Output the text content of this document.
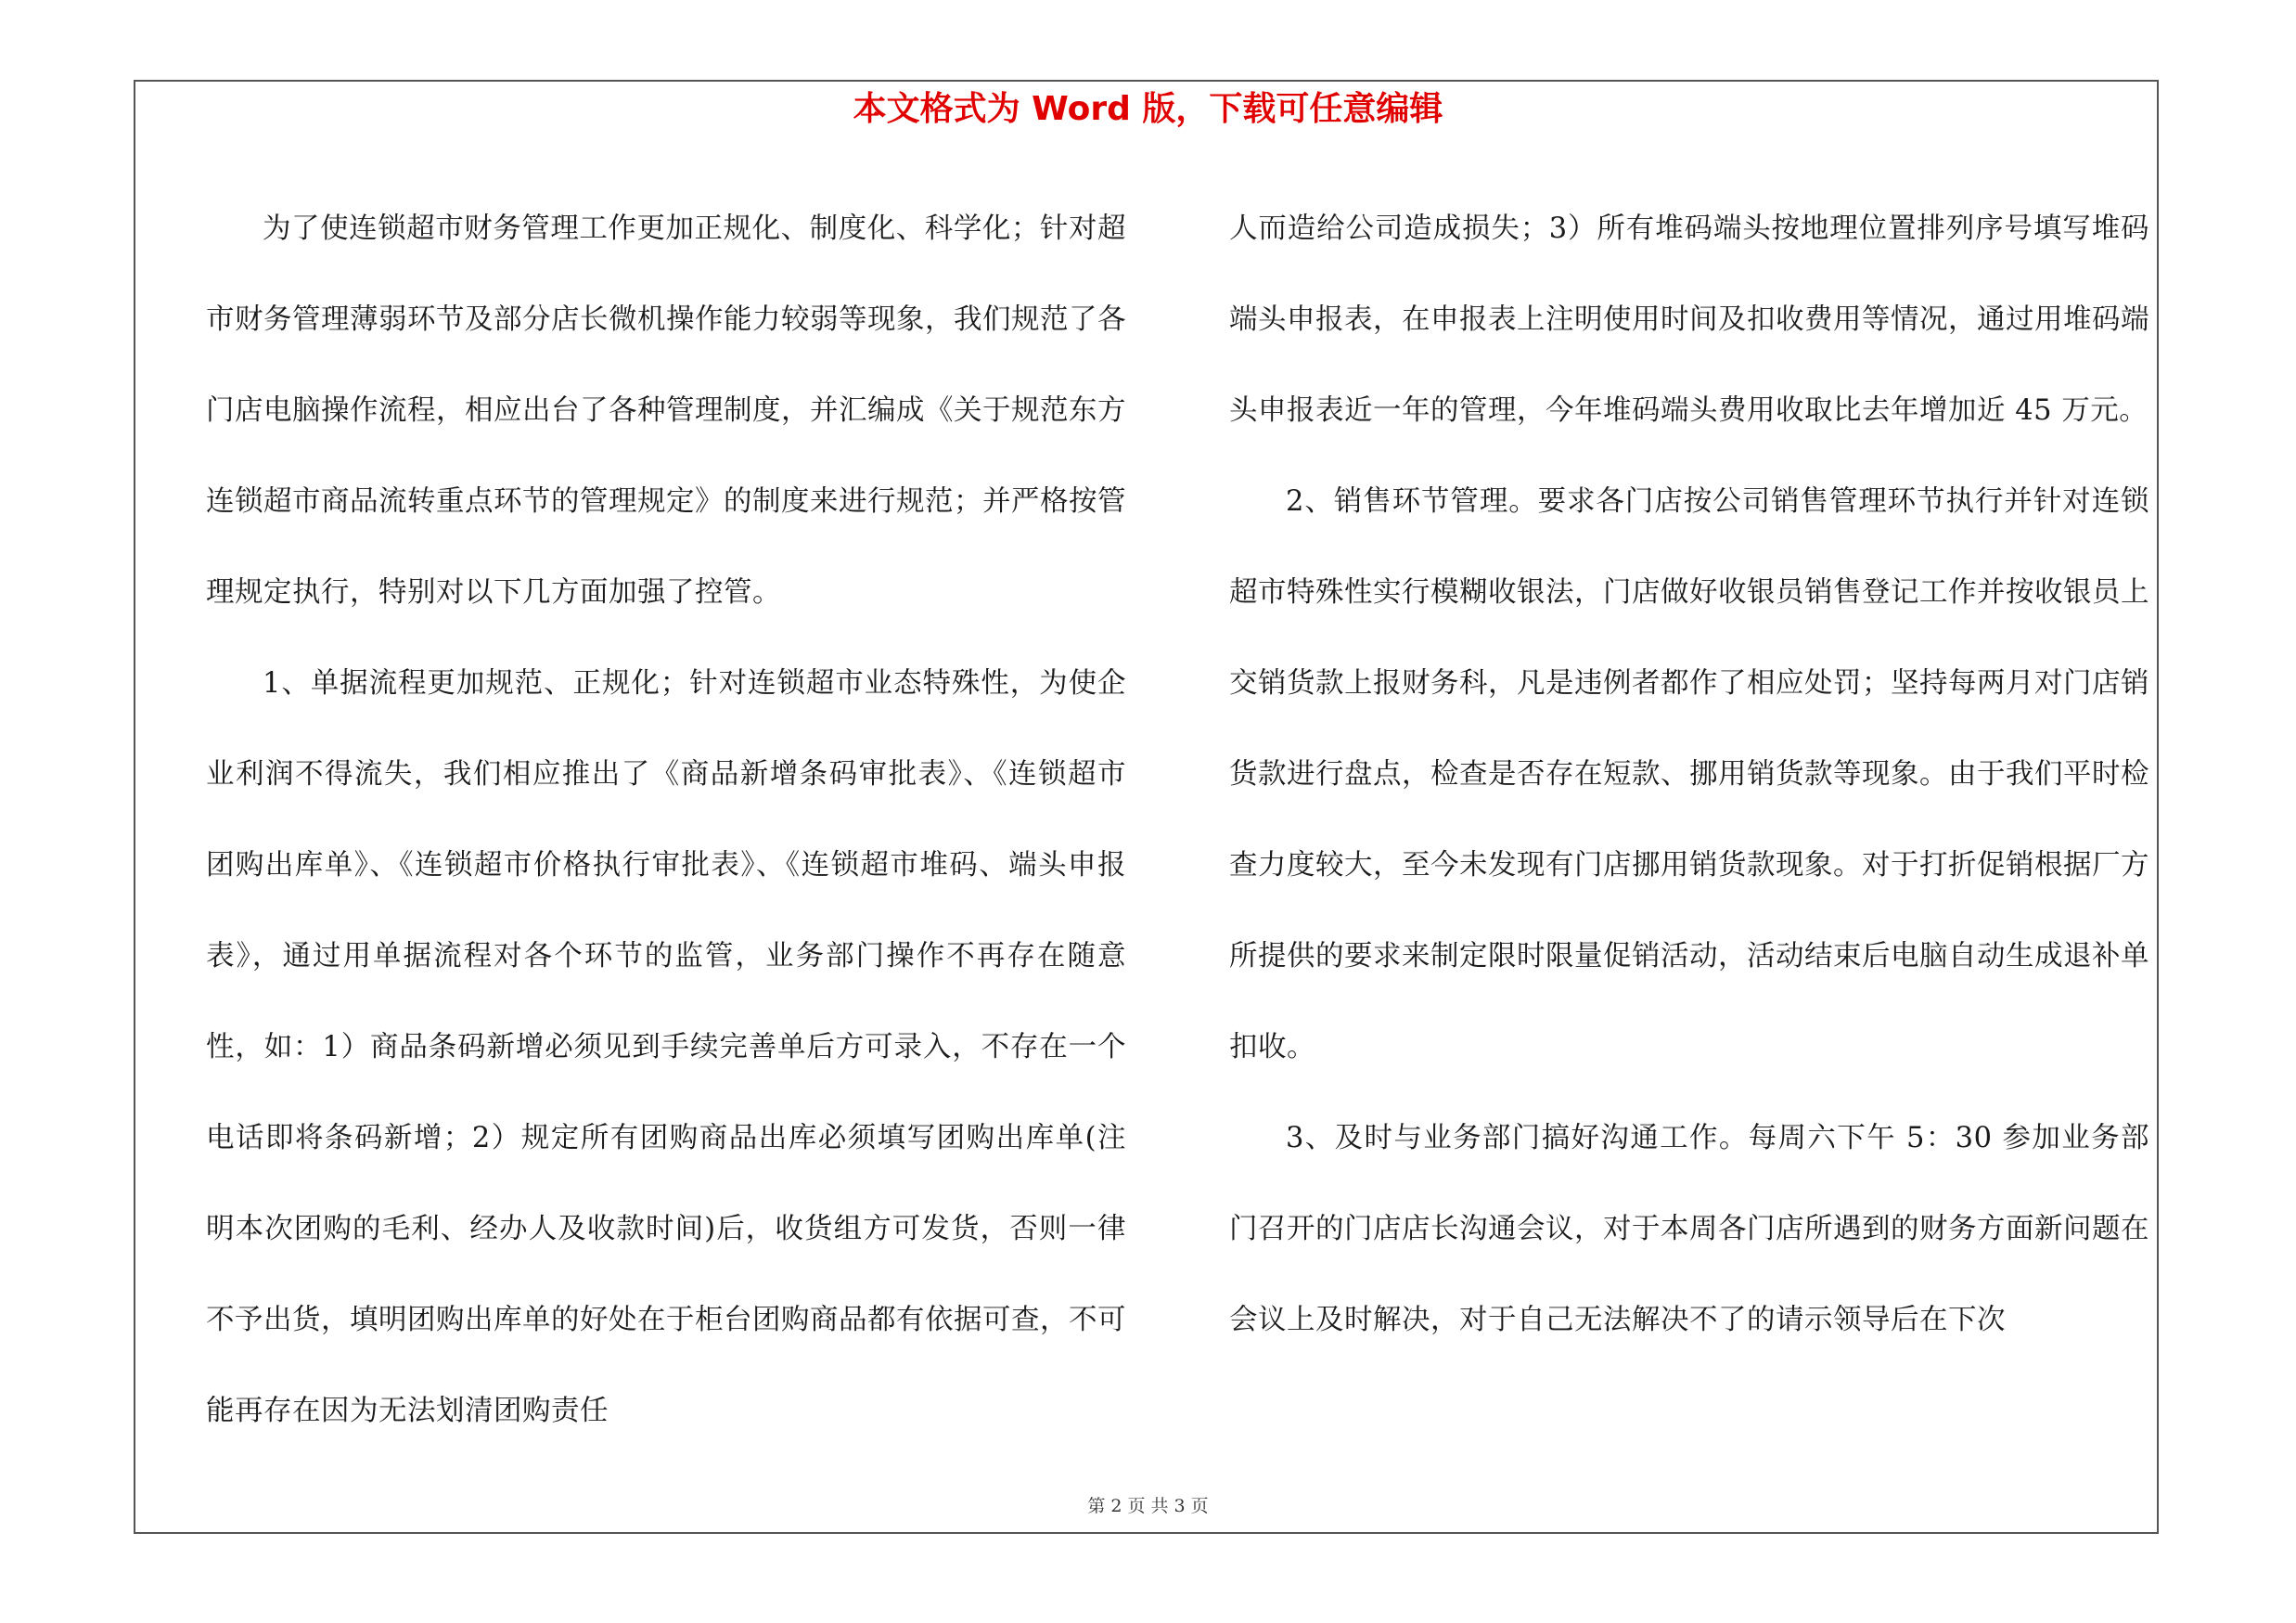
本文格式为 Word 版，下载可任意编辑

为了使连锁超市财务管理工作更加正规化、制度化、科学化；针对超市财务管理薄弱环节及部分店长微机操作能力较弱等现象，我们规范了各门店电脑操作流程，相应出台了各种管理制度，并汇编成《关于规范东方连锁超市商品流转重点环节的管理规定》的制度来进行规范；并严格按管理规定执行，特别对以下几方面加强了控管。

1、单据流程更加规范、正规化；针对连锁超市业态特殊性，为使企业利润不得流失，我们相应推出了《商品新增条码审批表》、《连锁超市团购出库单》、《连锁超市价格执行审批表》、《连锁超市堆码、端头申报表》，通过用单据流程对各个环节的监管，业务部门操作不再存在随意性，如：1）商品条码新增必须见到手续完善单后方可录入，不存在一个电话即将条码新增；2）规定所有团购商品出库必须填写团购出库单(注明本次团购的毛利、经办人及收款时间)后，收货组方可发货，否则一律不予出货，填明团购出库单的好处在于柜台团购商品都有依据可查，不可能再存在因为无法划清团购责任

人而造给公司造成损失；3）所有堆码端头按地理位置排列序号填写堆码端头申报表，在申报表上注明使用时间及扣收费用等情况，通过用堆码端头申报表近一年的管理，今年堆码端头费用收取比去年增加近 45 万元。

2、销售环节管理。要求各门店按公司销售管理环节执行并针对连锁超市特殊性实行模糊收银法，门店做好收银员销售登记工作并按收银员上交销货款上报财务科，凡是违例者都作了相应处罚；坚持每两月对门店销货款进行盘点，检查是否存在短款、挪用销货款等现象。由于我们平时检查力度较大，至今未发现有门店挪用销货款现象。对于打折促销根据厂方所提供的要求来制定限时限量促销活动，活动结束后电脑自动生成退补单扣收。

3、及时与业务部门搞好沟通工作。每周六下午 5：30 参加业务部门召开的门店店长沟通会议，对于本周各门店所遇到的财务方面新问题在会议上及时解决，对于自己无法解决不了的请示领导后在下次

第 2 页 共 3 页
